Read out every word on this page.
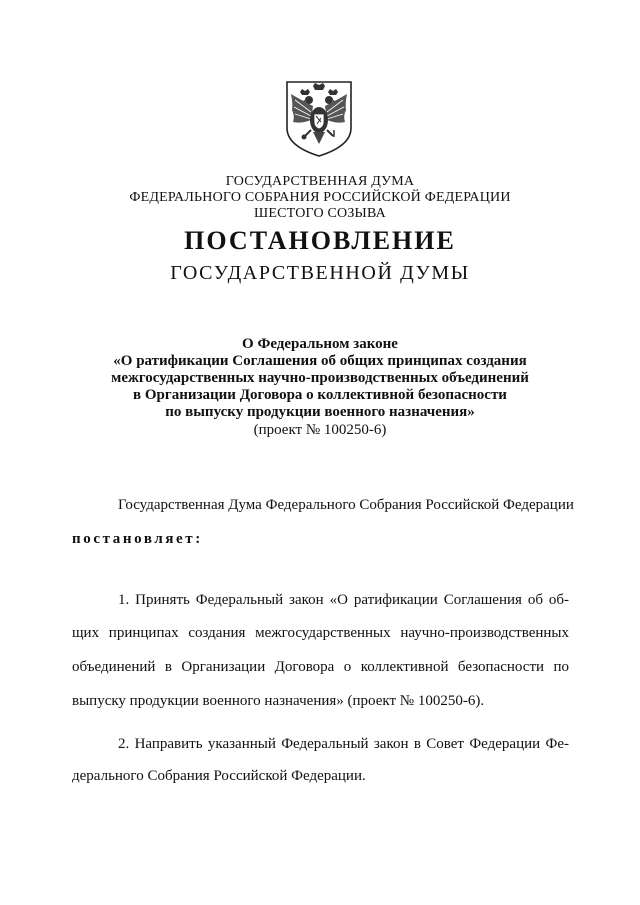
ГОСУДАРСТВЕННАЯ ДУМА
ФЕДЕРАЛЬНОГО СОБРАНИЯ РОССИЙСКОЙ ФЕДЕРАЦИИ
ШЕСТОГО СОЗЫВА
ПОСТАНОВЛЕНИЕ
ГОСУДАРСТВЕННОЙ ДУМЫ
О Федеральном законе
«О ратификации Соглашения об общих принципах создания
межгосударственных научно-производственных объединений
в Организации Договора о коллективной безопасности
по выпуску продукции военного назначения»
(проект № 100250-6)
Государственная Дума Федерального Собрания Российской Федерации
постановляет:
1. Принять Федеральный закон «О ратификации Соглашения об об-
щих принципах создания межгосударственных научно-производственных
объединений в Организации Договора о коллективной безопасности по
выпуску продукции военного назначения» (проект № 100250-6).
2. Направить указанный Федеральный закон в Совет Федерации Фе-
дерального Собрания Российской Федерации.
